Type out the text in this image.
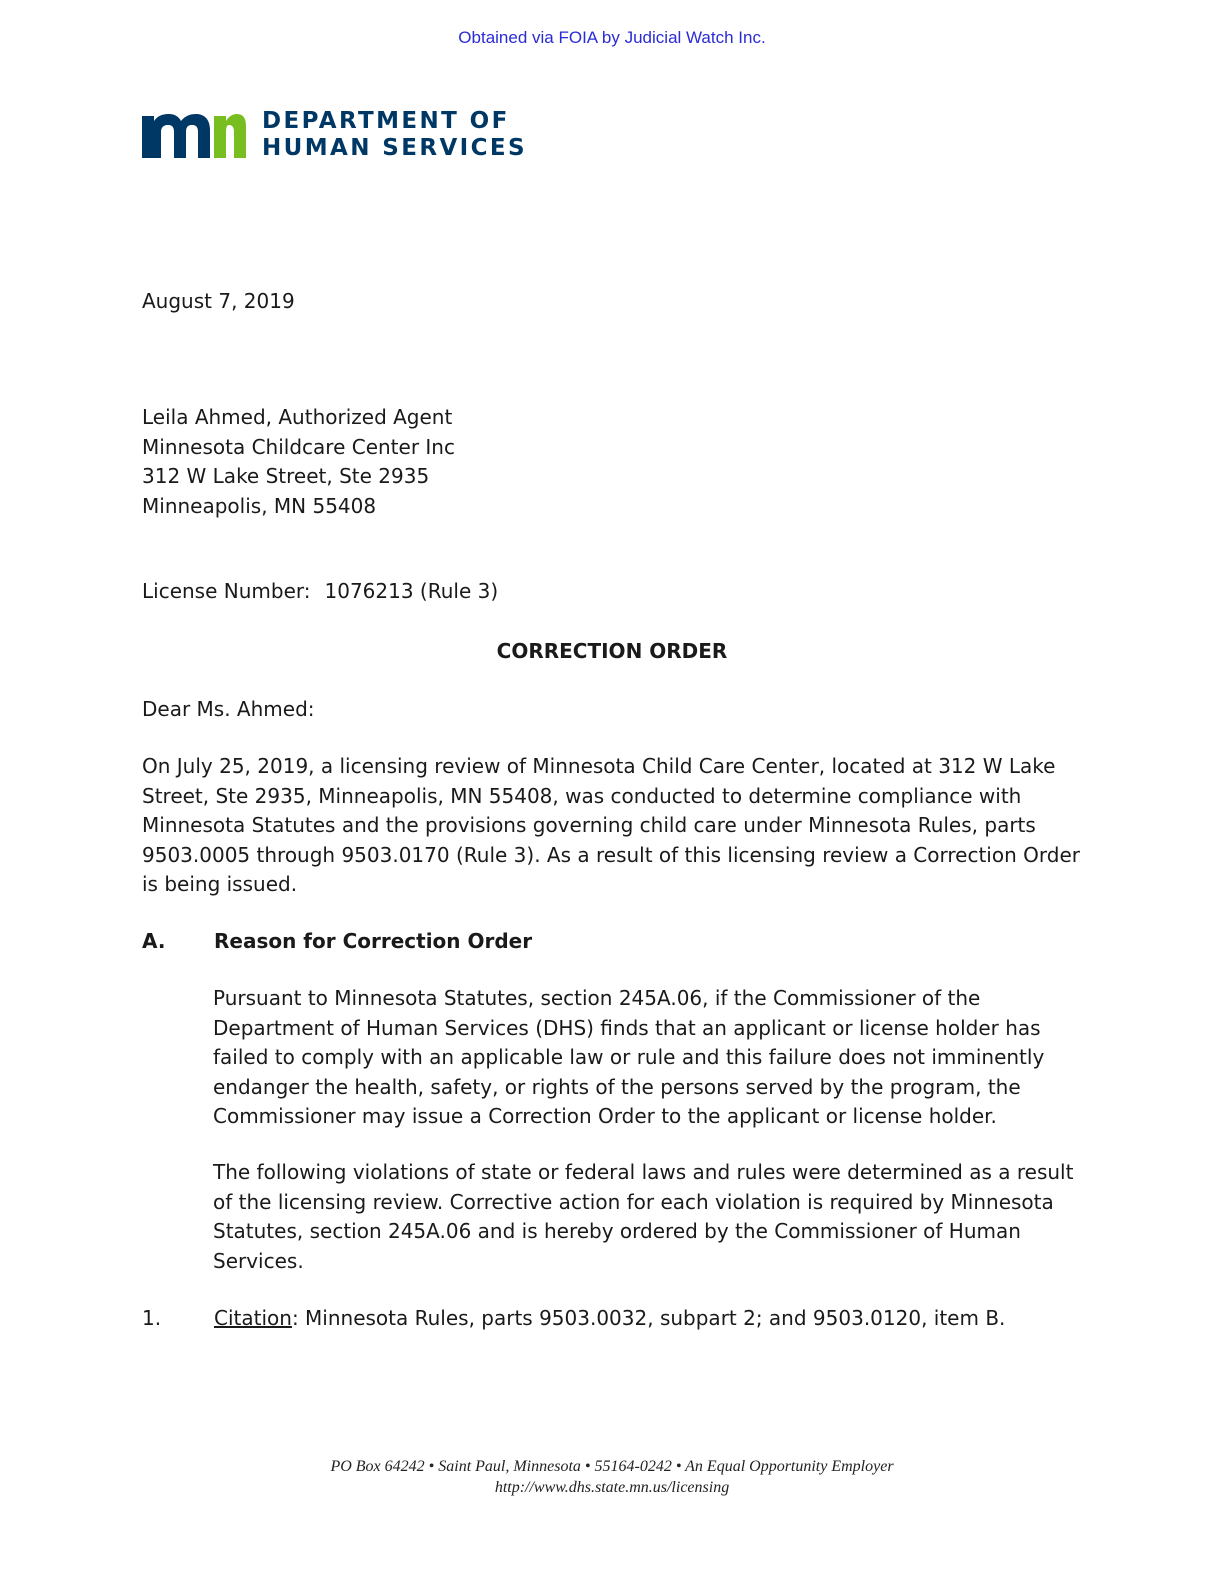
Obtained via FOIA by Judicial Watch Inc.
DEPARTMENT OF
HUMAN SERVICES
August 7, 2019
Leila Ahmed, Authorized Agent
Minnesota Childcare Center Inc
312 W Lake Street, Ste 2935
Minneapolis, MN 55408
License Number: 1076213 (Rule 3)
CORRECTION ORDER
Dear Ms. Ahmed:
On July 25, 2019, a licensing review of Minnesota Child Care Center, located at 312 W Lake Street, Ste 2935, Minneapolis, MN 55408, was conducted to determine compliance with Minnesota Statutes and the provisions governing child care under Minnesota Rules, parts 9503.0005 through 9503.0170 (Rule 3). As a result of this licensing review a Correction Order is being issued.
A. Reason for Correction Order
Pursuant to Minnesota Statutes, section 245A.06, if the Commissioner of the Department of Human Services (DHS) finds that an applicant or license holder has failed to comply with an applicable law or rule and this failure does not imminently endanger the health, safety, or rights of the persons served by the program, the Commissioner may issue a Correction Order to the applicant or license holder.
The following violations of state or federal laws and rules were determined as a result of the licensing review. Corrective action for each violation is required by Minnesota Statutes, section 245A.06 and is hereby ordered by the Commissioner of Human Services.
1.	Citation: Minnesota Rules, parts 9503.0032, subpart 2; and 9503.0120, item B.
PO Box 64242 • Saint Paul, Minnesota • 55164-0242 • An Equal Opportunity Employer
http://www.dhs.state.mn.us/licensing
